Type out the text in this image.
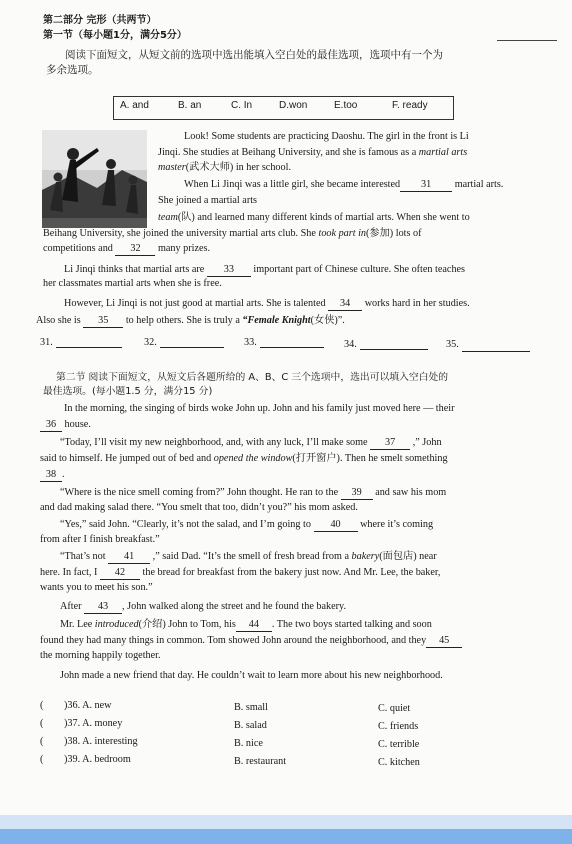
第二部分 完形（共两节）
第一节（每小题1分，满分5分）
阅读下面短文，从短文前的选项中选出能填入空白处的最佳选项，选项中有一个为
多余选项。
A. and	B. an	C. In	D.won	E.too	F. ready
Look! Some students are practicing Daoshu. The girl in the front is Li
Jinqi. She studies at Beihang University, and she is famous as a martial arts
master(武术大师) in her school.
When Li Jinqi was a little girl, she became interested 31 martial arts.
She joined a martial arts
team(队) and learned many different kinds of martial arts. When she went to
Beihang University, she joined the university martial arts club. She took part in(参加) lots of
competitions and 32 many prizes.
Li Jinqi thinks that martial arts are 33 important part of Chinese culture. She often teaches
her classmates martial arts when she is free.
However, Li Jinqi is not just good at martial arts. She is talented 34 works hard in her studies.
Also she is 35 to help others. She is truly a “Female Knight(女侠)”.
31.	32.	33.	34.	35.
第二节 阅读下面短文，从短文后各题所给的 A、B、C 三个选项中，选出可以填入空白处的
最佳选项。(每小题1.5 分，满分15 分)
In the morning, the singing of birds woke John up. John and his family just moved here — their
36 house.
“Today, I’ll visit my new neighborhood, and, with any luck, I’ll make some 37 ,” John
said to himself. He jumped out of bed and opened the window(打开窗户). Then he smelt something
38 .
“Where is the nice smell coming from?” John thought. He ran to the 39 and saw his mom
and dad making salad there. “You smelt that too, didn’t you?” his mom asked.
“Yes,” said John. “Clearly, it’s not the salad, and I’m going to 40 where it’s coming
from after I finish breakfast.”
“That’s not 41 ,” said Dad. “It’s the smell of fresh bread from a bakery(面包店) near
here. In fact, I 42 the bread for breakfast from the bakery just now. And Mr. Lee, the baker,
wants you to meet his son.”
After 43 , John walked along the street and he found the bakery.
Mr. Lee introduced(介绍) John to Tom, his 44 . The two boys started talking and soon
found they had many things in common. Tom showed John around the neighborhood, and they 45
the morning happily together.
John made a new friend that day. He couldn’t wait to learn more about his new neighborhood.
( )36. A. new	B. small	C. quiet
( )37. A. money	B. salad	C. friends
( )38. A. interesting	B. nice	C. terrible
( )39. A. bedroom	B. restaurant	C. kitchen
